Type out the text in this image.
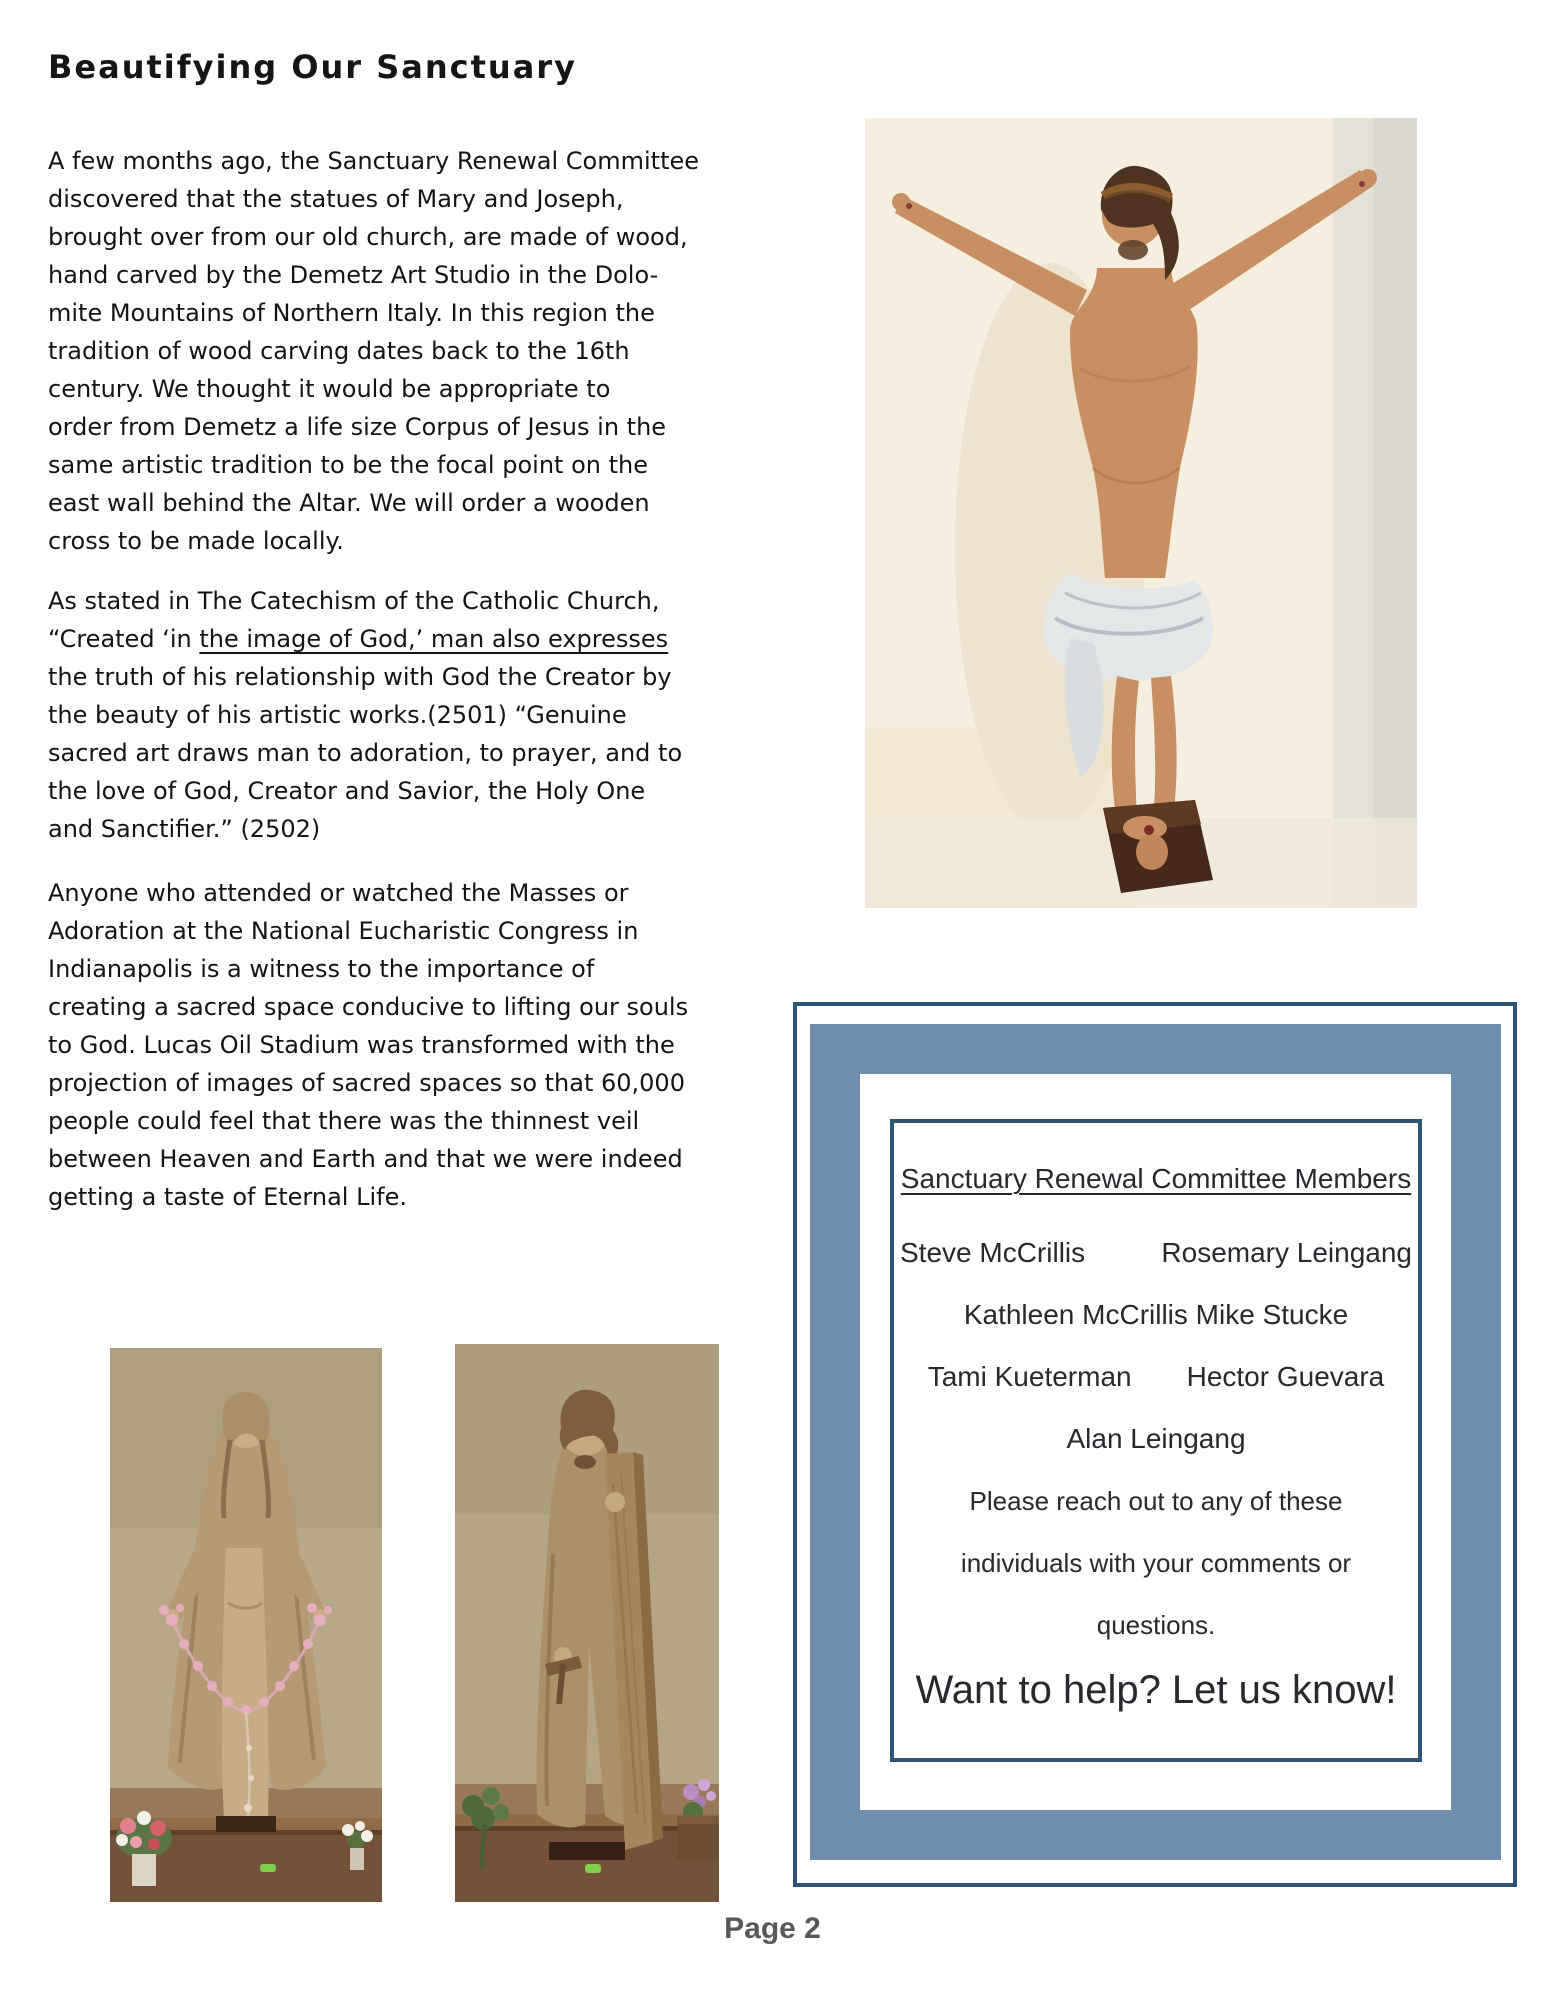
Beautifying Our Sanctuary
A few months ago, the Sanctuary Renewal Committee
discovered that the statues of Mary and Joseph,
brought over from our old church, are made of wood,
hand carved by the Demetz Art Studio in the Dolo-
mite Mountains of Northern Italy. In this region the
tradition of wood carving dates back to the 16th
century. We thought it would be appropriate to
order from Demetz a life size Corpus of Jesus in the
same artistic tradition to be the focal point on the
east wall behind the Altar. We will order a wooden
cross to be made locally.
As stated in The Catechism of the Catholic Church,
“Created ‘in the image of God,’ man also expresses
the truth of his relationship with God the Creator by
the beauty of his artistic works.(2501) “Genuine
sacred art draws man to adoration, to prayer, and to
the love of God, Creator and Savior, the Holy One
and Sanctifier.” (2502)
Anyone who attended or watched the Masses or
Adoration at the National Eucharistic Congress in
Indianapolis is a witness to the importance of
creating a sacred space conducive to lifting our souls
to God. Lucas Oil Stadium was transformed with the
projection of images of sacred spaces so that 60,000
people could feel that there was the thinnest veil
between Heaven and Earth and that we were indeed
getting a taste of Eternal Life.
Sanctuary Renewal Committee Members
Steve McCrillis	Rosemary Leingang
Kathleen McCrillis Mike Stucke
Tami Kueterman Hector Guevara
Alan Leingang
Please reach out to any of these
individuals with your comments or
questions.
Want to help? Let us know!
Page 2
